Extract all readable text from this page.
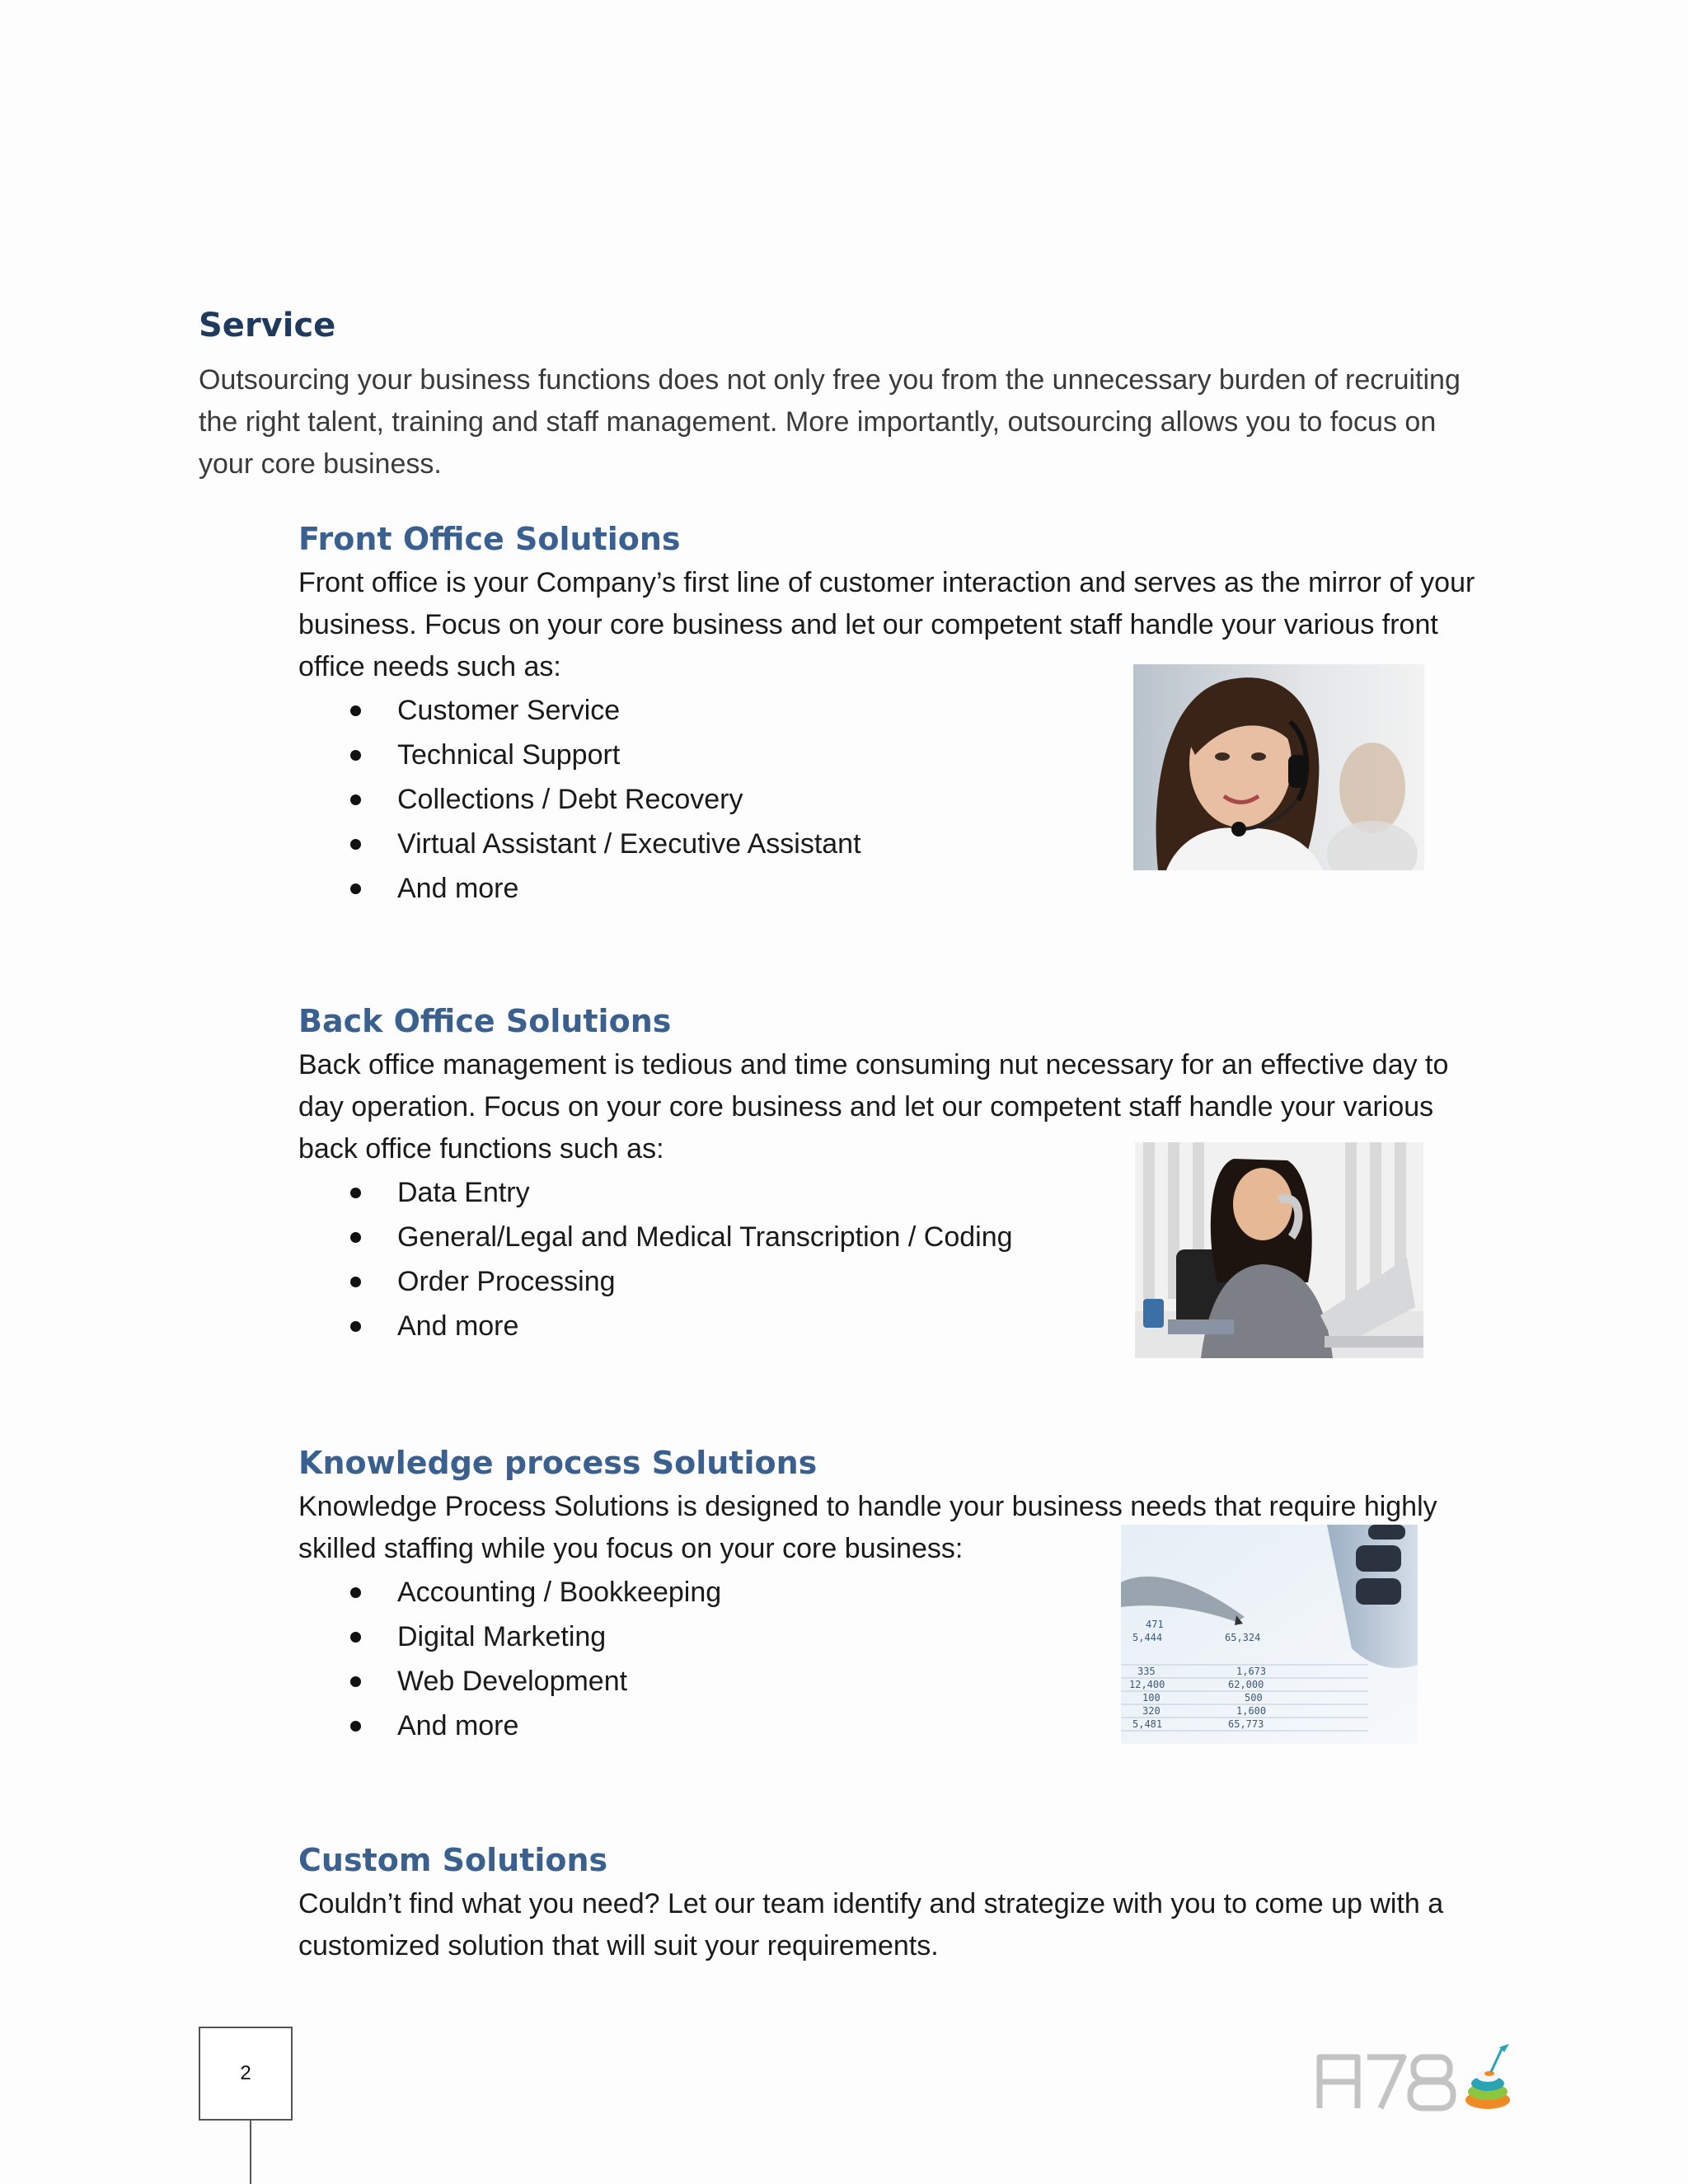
Service

Outsourcing your business functions does not only free you from the unnecessary burden of recruiting the right talent, training and staff management. More importantly, outsourcing allows you to focus on your core business.

Front Office Solutions

Front office is your Company’s first line of customer interaction and serves as the mirror of your business. Focus on your core business and let our competent staff handle your various front office needs such as:

Customer Service
Technical Support
Collections / Debt Recovery
Virtual Assistant / Executive Assistant
And more
Back Office Solutions

Back office management is tedious and time consuming nut necessary for an effective day to day operation. Focus on your core business and let our competent staff handle your various back office functions such as:

Data Entry
General/Legal and Medical Transcription / Coding
Order Processing
And more
Knowledge process Solutions

Knowledge Process Solutions is designed to handle your business needs that require highly skilled staffing while you focus on your core business:

Accounting / Bookkeeping
Digital Marketing
Web Development
And more
335
12,400
100
320
5,481
1,673
62,000
500
1,600
65,773
471
5,444	65,324
Custom Solutions

Couldn’t find what you need? Let our team identify and strategize with you to come up with a customized solution that will suit your requirements.

2
